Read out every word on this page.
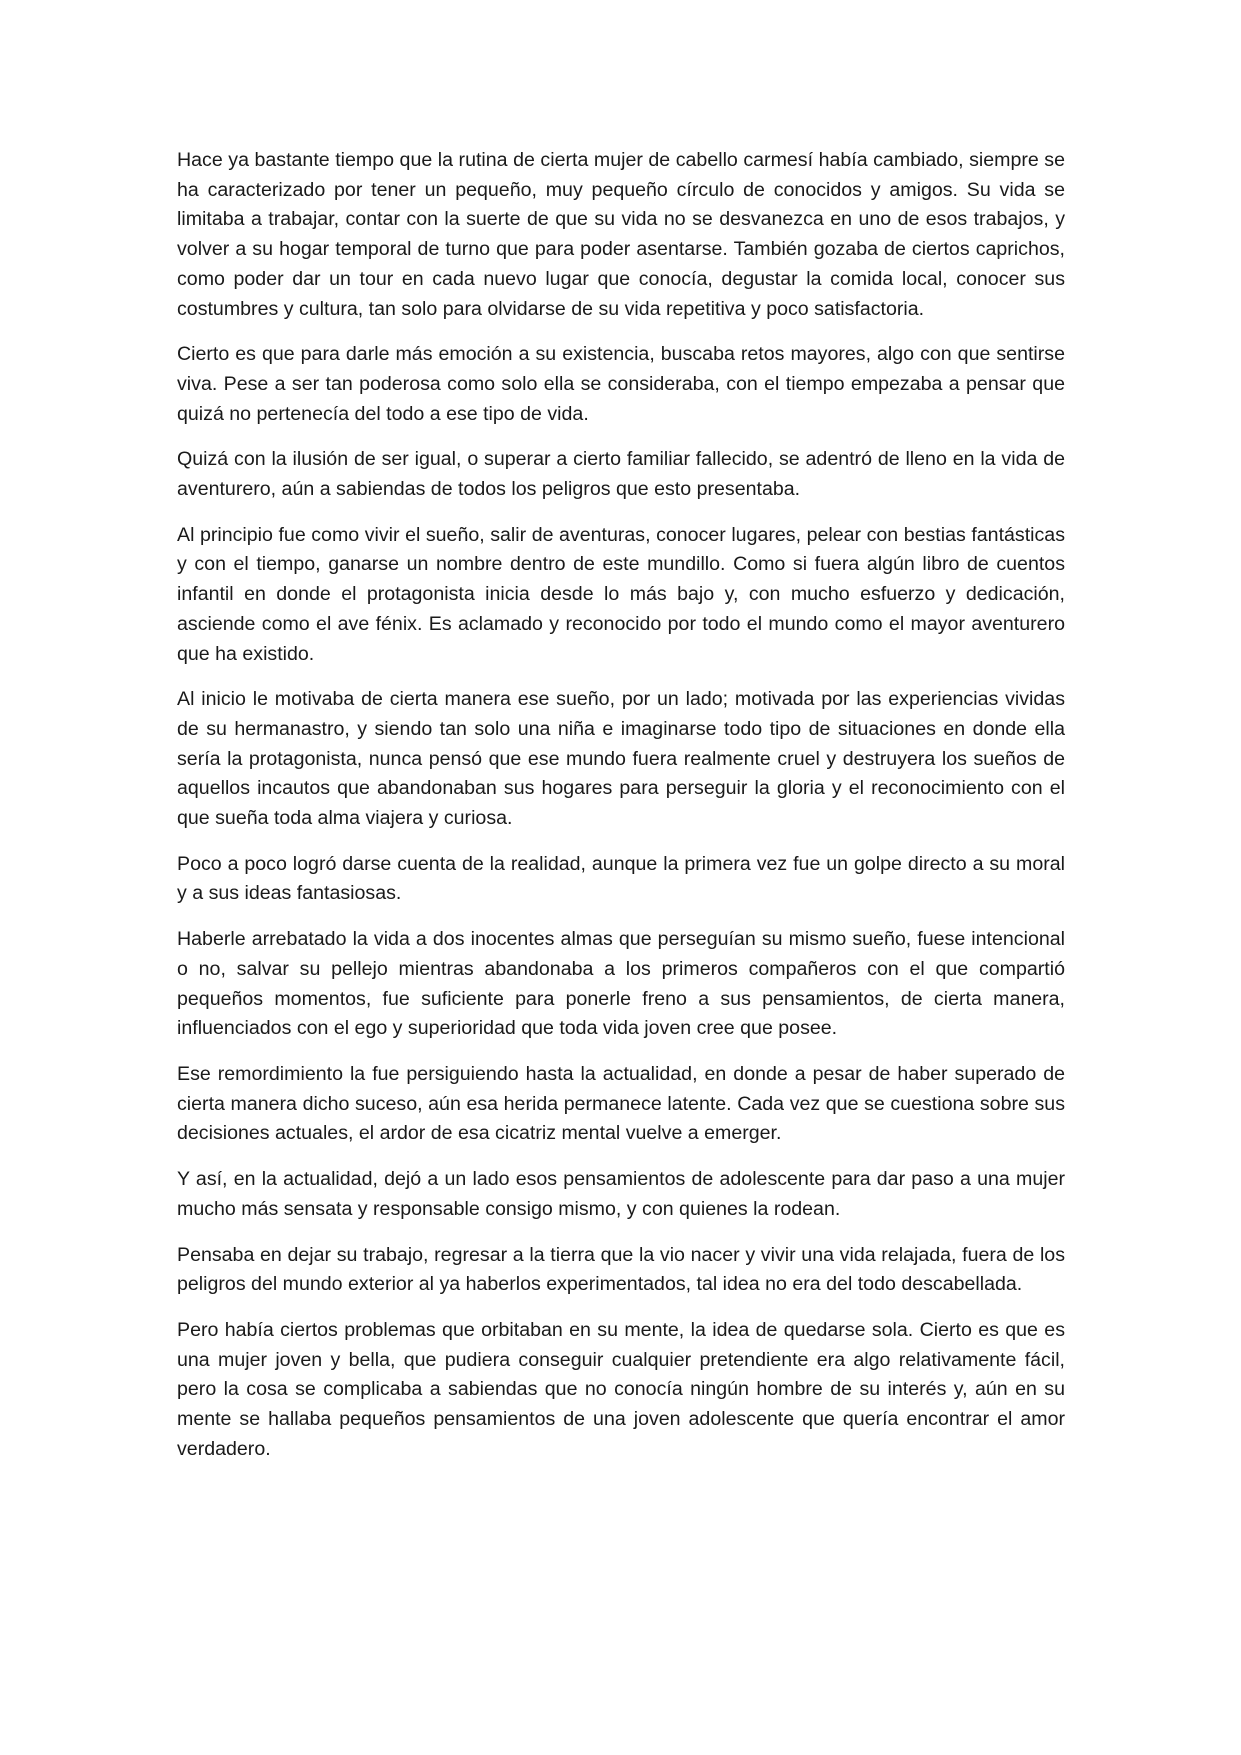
Hace ya bastante tiempo que la rutina de cierta mujer de cabello carmesí había cambiado, siempre se ha caracterizado por tener un pequeño, muy pequeño círculo de conocidos y amigos. Su vida se limitaba a trabajar, contar con la suerte de que su vida no se desvanezca en uno de esos trabajos, y volver a su hogar temporal de turno que para poder asentarse. También gozaba de ciertos caprichos, como poder dar un tour en cada nuevo lugar que conocía, degustar la comida local, conocer sus costumbres y cultura, tan solo para olvidarse de su vida repetitiva y poco satisfactoria.

Cierto es que para darle más emoción a su existencia, buscaba retos mayores, algo con que sentirse viva. Pese a ser tan poderosa como solo ella se consideraba, con el tiempo empezaba a pensar que quizá no pertenecía del todo a ese tipo de vida.

Quizá con la ilusión de ser igual, o superar a cierto familiar fallecido, se adentró de lleno en la vida de aventurero, aún a sabiendas de todos los peligros que esto presentaba.

Al principio fue como vivir el sueño, salir de aventuras, conocer lugares, pelear con bestias fantásticas y con el tiempo, ganarse un nombre dentro de este mundillo. Como si fuera algún libro de cuentos infantil en donde el protagonista inicia desde lo más bajo y, con mucho esfuerzo y dedicación, asciende como el ave fénix. Es aclamado y reconocido por todo el mundo como el mayor aventurero que ha existido.

Al inicio le motivaba de cierta manera ese sueño, por un lado; motivada por las experiencias vividas de su hermanastro, y siendo tan solo una niña e imaginarse todo tipo de situaciones en donde ella sería la protagonista, nunca pensó que ese mundo fuera realmente cruel y destruyera los sueños de aquellos incautos que abandonaban sus hogares para perseguir la gloria y el reconocimiento con el que sueña toda alma viajera y curiosa.

Poco a poco logró darse cuenta de la realidad, aunque la primera vez fue un golpe directo a su moral y a sus ideas fantasiosas.

Haberle arrebatado la vida a dos inocentes almas que perseguían su mismo sueño, fuese intencional o no, salvar su pellejo mientras abandonaba a los primeros compañeros con el que compartió pequeños momentos, fue suficiente para ponerle freno a sus pensamientos, de cierta manera, influenciados con el ego y superioridad que toda vida joven cree que posee.

Ese remordimiento la fue persiguiendo hasta la actualidad, en donde a pesar de haber superado de cierta manera dicho suceso, aún esa herida permanece latente. Cada vez que se cuestiona sobre sus decisiones actuales, el ardor de esa cicatriz mental vuelve a emerger.

Y así, en la actualidad, dejó a un lado esos pensamientos de adolescente para dar paso a una mujer mucho más sensata y responsable consigo mismo, y con quienes la rodean.

Pensaba en dejar su trabajo, regresar a la tierra que la vio nacer y vivir una vida relajada, fuera de los peligros del mundo exterior al ya haberlos experimentados, tal idea no era del todo descabellada.

Pero había ciertos problemas que orbitaban en su mente, la idea de quedarse sola. Cierto es que es una mujer joven y bella, que pudiera conseguir cualquier pretendiente era algo relativamente fácil, pero la cosa se complicaba a sabiendas que no conocía ningún hombre de su interés y, aún en su mente se hallaba pequeños pensamientos de una joven adolescente que quería encontrar el amor verdadero.
